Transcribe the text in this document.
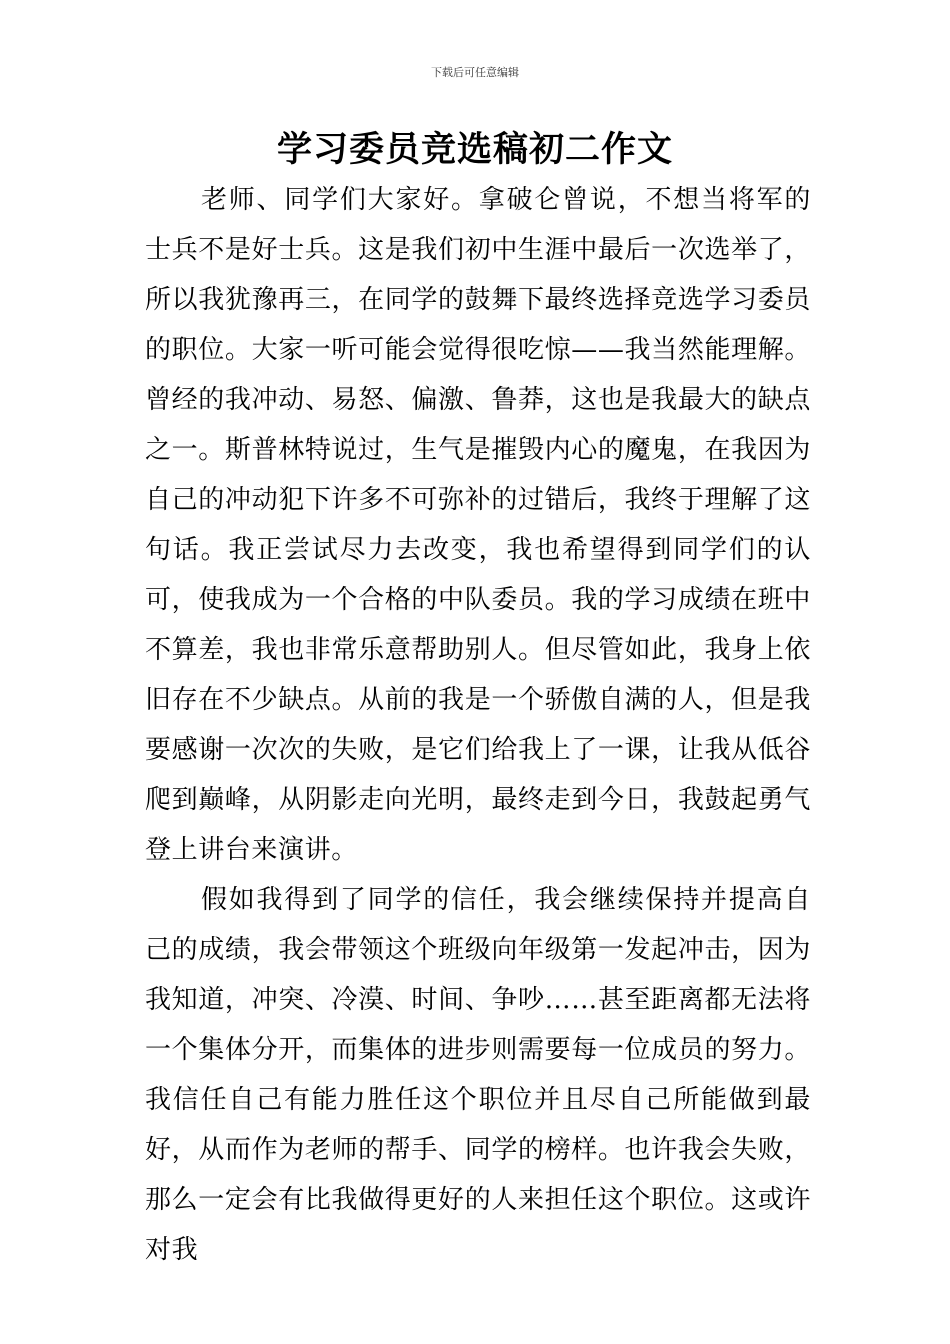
下载后可任意编辑
学习委员竞选稿初二作文

老师、同学们大家好。拿破仑曾说，不想当将军的士兵不是好士兵。这是我们初中生涯中最后一次选举了，所以我犹豫再三，在同学的鼓舞下最终选择竞选学习委员的职位。大家一听可能会觉得很吃惊——我当然能理解。曾经的我冲动、易怒、偏激、鲁莽，这也是我最大的缺点之一。斯普林特说过，生气是摧毁内心的魔鬼，在我因为自己的冲动犯下许多不可弥补的过错后，我终于理解了这句话。我正尝试尽力去改变，我也希望得到同学们的认可，使我成为一个合格的中队委员。我的学习成绩在班中不算差，我也非常乐意帮助别人。但尽管如此，我身上依旧存在不少缺点。从前的我是一个骄傲自满的人，但是我要感谢一次次的失败，是它们给我上了一课，让我从低谷爬到巅峰，从阴影走向光明，最终走到今日，我鼓起勇气登上讲台来演讲。

假如我得到了同学的信任，我会继续保持并提高自己的成绩，我会带领这个班级向年级第一发起冲击，因为我知道，冲突、冷漠、时间、争吵……甚至距离都无法将一个集体分开，而集体的进步则需要每一位成员的努力。我信任自己有能力胜任这个职位并且尽自己所能做到最好，从而作为老师的帮手、同学的榜样。也许我会失败，那么一定会有比我做得更好的人来担任这个职位。这或许对我
